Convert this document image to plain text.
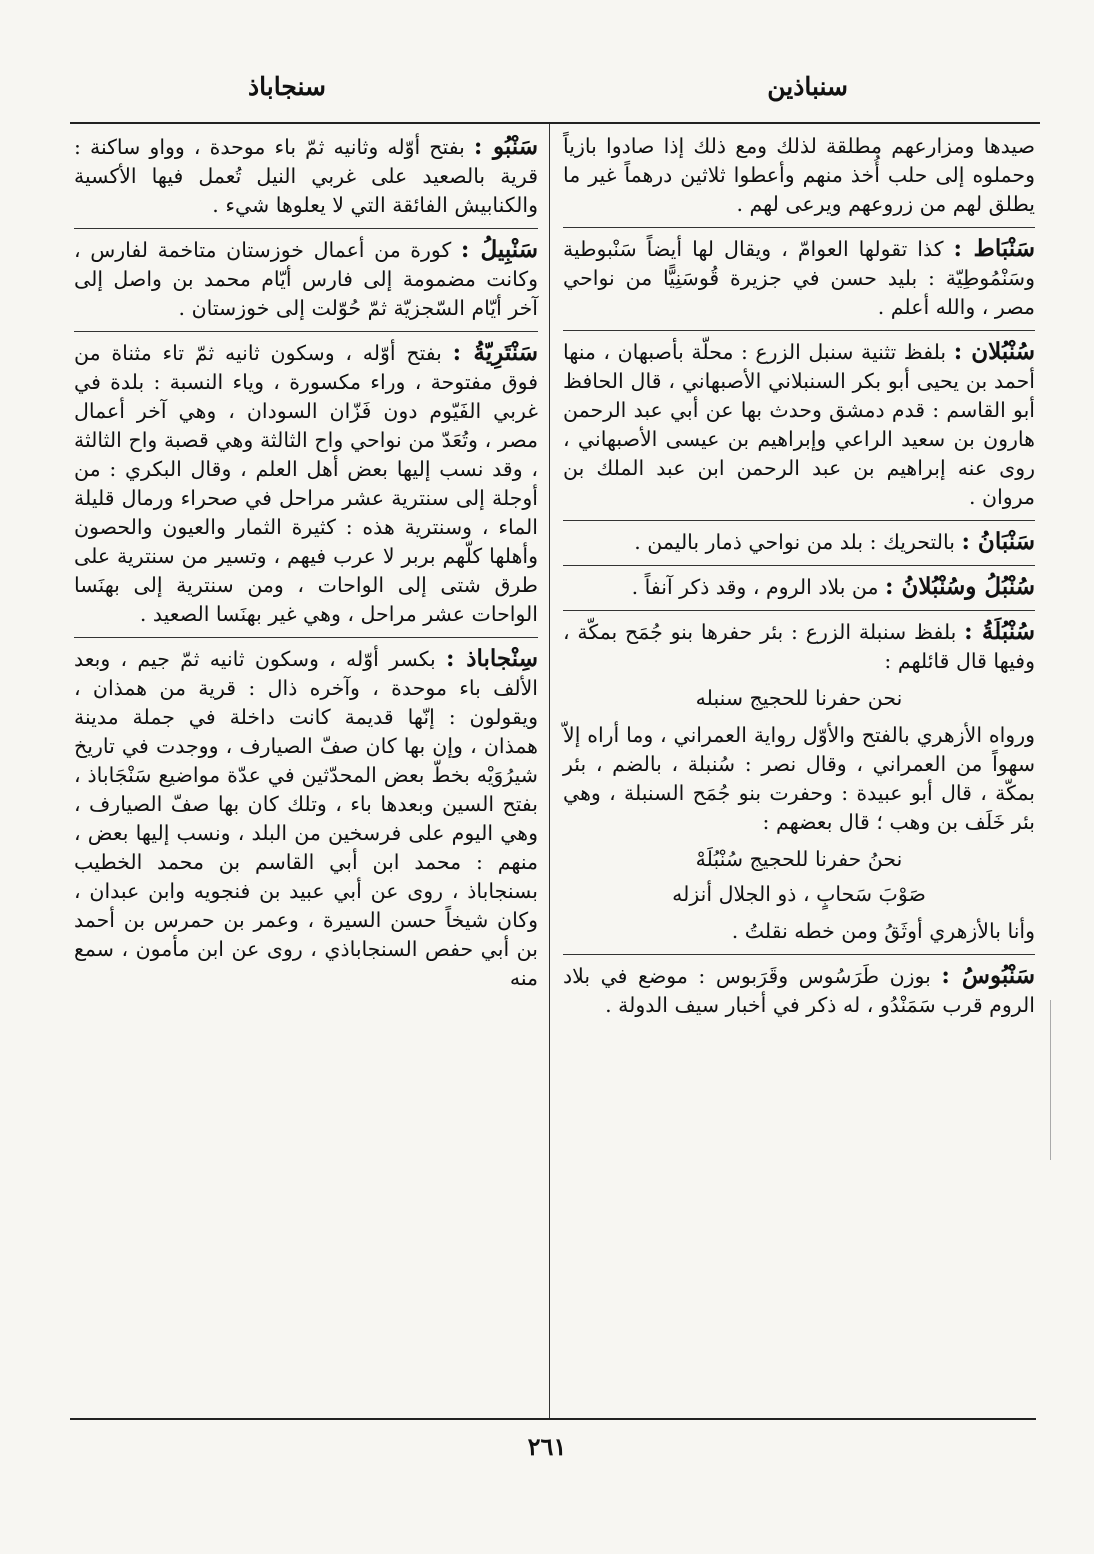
سنباذين
سنجاباذ

صيدها ومزارعهم مطلقة لذلك ومع ذلك إذا صادوا بازياً وحملوه إلى حلب أُخذ منهم وأعطوا ثلاثين درهماً غير ما يطلق لهم من زروعهم ويرعى لهم .

سَنْبَاط : كذا تقولها العوامّ ، ويقال لها أيضاً سَنْبوطية وسَنْمُوطِيّة : بليد حسن في جزيرة قُوسَنِيًّا من نواحي مصر ، والله أعلم .

سُنْبُلان : بلفظ تثنية سنبل الزرع : محلّة بأصبهان ، منها أحمد بن يحيى أبو بكر السنبلاني الأصبهاني ، قال الحافظ أبو القاسم : قدم دمشق وحدث بها عن أبي عبد الرحمن هارون بن سعيد الراعي وإبراهيم بن عيسى الأصبهاني ، روى عنه إبراهيم بن عبد الرحمن ابن عبد الملك بن مروان .

سَنْبَانُ : بالتحريك : بلد من نواحي ذمار باليمن .

سُنْبُلُ وسُنْبُلانُ : من بلاد الروم ، وقد ذكر آنفاً .

سُنْبُلَةُ : بلفظ سنبلة الزرع : بئر حفرها بنو جُمَح بمكّة ، وفيها قال قائلهم :

نحن حفرنا للحجيج سنبله

ورواه الأزهري بالفتح والأوّل رواية العمراني ، وما أراه إلاّ سهواً من العمراني ، وقال نصر : سُنبلة ، بالضم ، بئر بمكّة ، قال أبو عبيدة : وحفرت بنو جُمَح السنبلة ، وهي بئر خَلَف بن وهب ؛ قال بعضهم :

نحنُ حفرنا للحجيج سُنْبُلَهْ
صَوْبَ سَحابٍ ، ذو الجلال أنزله

وأنا بالأزهري أوثَقُ ومن خطه نقلتُ .

سَنْبُوسُ : بوزن طَرَسُوس وقَرَبوس : موضع في بلاد الروم قرب سَمَنْدُو ، له ذكر في أخبار سيف الدولة .

سَنْبُو : بفتح أوّله وثانيه ثمّ باء موحدة ، وواو ساكنة : قرية بالصعيد على غربي النيل تُعمل فيها الأكسية والكنابيش الفائقة التي لا يعلوها شيء .

سَنْبِيلُ : كورة من أعمال خوزستان متاخمة لفارس ، وكانت مضمومة إلى فارس أيّام محمد بن واصل إلى آخر أيّام السّجزيّة ثمّ حُوّلت إلى خوزستان .

سَنْتَرِيّةُ : بفتح أوّله ، وسكون ثانيه ثمّ تاء مثناة من فوق مفتوحة ، وراء مكسورة ، وياء النسبة : بلدة في غربي الفَيّوم دون فَزّان السودان ، وهي آخر أعمال مصر ، وتُعَدّ من نواحي واح الثالثة وهي قصبة واح الثالثة ، وقد نسب إليها بعض أهل العلم ، وقال البكري : من أوجلة إلى سنترية عشر مراحل في صحراء ورمال قليلة الماء ، وسنترية هذه : كثيرة الثمار والعيون والحصون وأهلها كلّهم بربر لا عرب فيهم ، وتسير من سنترية على طرق شتى إلى الواحات ، ومن سنترية إلى بهنَسا الواحات عشر مراحل ، وهي غير بهنَسا الصعيد .

سِنْجاباذ : بكسر أوّله ، وسكون ثانيه ثمّ جيم ، وبعد الألف باء موحدة ، وآخره ذال : قرية من همذان ، ويقولون : إنّها قديمة كانت داخلة في جملة مدينة همذان ، وإن بها كان صفّ الصيارف ، ووجدت في تاريخ شيرُوَيْه بخطّ بعض المحدّثين في عدّة مواضيع سَنْجَاباذ ، بفتح السين وبعدها باء ، وتلك كان بها صفّ الصيارف ، وهي اليوم على فرسخين من البلد ، ونسب إليها بعض ، منهم : محمد ابن أبي القاسم بن محمد الخطيب بسنجاباذ ، روى عن أبي عبيد بن فنجويه وابن عبدان ، وكان شيخاً حسن السيرة ، وعمر بن حمرس بن أحمد بن أبي حفص السنجاباذي ، روى عن ابن مأمون ، سمع منه

٢٦١
